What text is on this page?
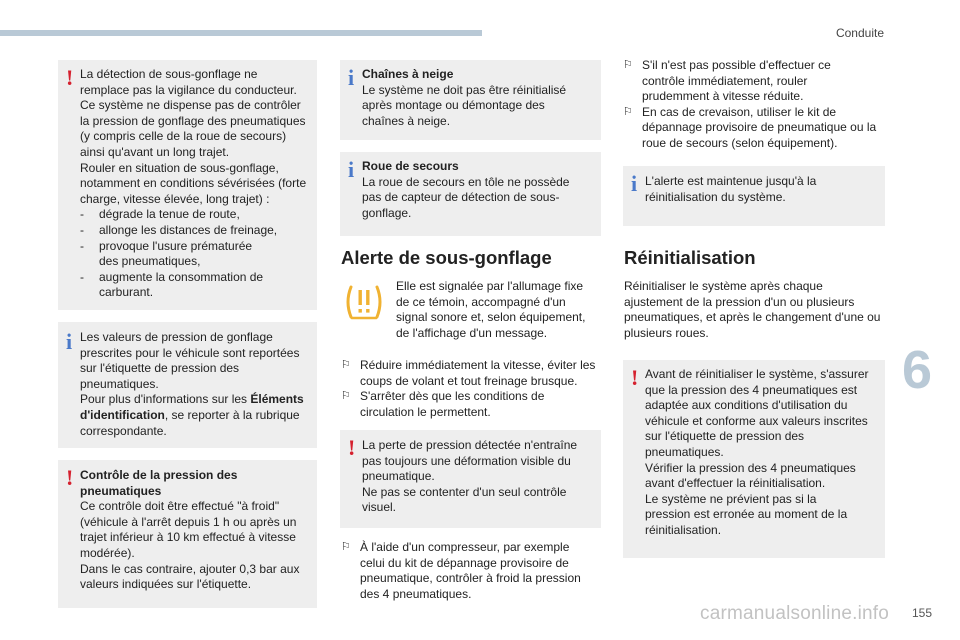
Conduite
6
! La détection de sous-gonflage ne

remplace pas la vigilance du conducteur.

Ce système ne dispense pas de contrôler

la pression de gonflage des pneumatiques

(y compris celle de la roue de secours)

ainsi qu'avant un long trajet.

Rouler en situation de sous-gonflage,

notamment en conditions sévérisées (forte

charge, vitesse élevée, long trajet) :

- dégrade la tenue de route,
- allonge les distances de freinage,
- provoque l'usure prématurée des pneumatiques,
- augmente la consommation de carburant.
i Les valeurs de pression de gonflage prescrites pour le véhicule sont reportées sur l'étiquette de pression des pneumatiques.

Pour plus d'informations sur les Éléments d'identification, se reporter à la rubrique correspondante.

! Contrôle de la pression des pneumatiques

Ce contrôle doit être effectué "à froid" (véhicule à l'arrêt depuis 1 h ou après un trajet inférieur à 10 km effectué à vitesse modérée).

Dans le cas contraire, ajouter 0,3 bar aux valeurs indiquées sur l'étiquette.

i Chaînes à neige

Le système ne doit pas être réinitialisé après montage ou démontage des chaînes à neige.

i Roue de secours

La roue de secours en tôle ne possède pas de capteur de détection de sous-gonflage.

Alerte de sous-gonflage
Elle est signalée par l'allumage fixe de ce témoin, accompagné d'un signal sonore et, selon équipement, de l'affichage d'un message.
⚐ Réduire immédiatement la vitesse, éviter les coups de volant et tout freinage brusque.
⚐ S'arrêter dès que les conditions de circulation le permettent.
! La perte de pression détectée n'entraîne pas toujours une déformation visible du pneumatique.

Ne pas se contenter d'un seul contrôle visuel.

⚐ À l'aide d'un compresseur, par exemple celui du kit de dépannage provisoire de pneumatique, contrôler à froid la pression des 4 pneumatiques.
⚐ S'il n'est pas possible d'effectuer ce contrôle immédiatement, rouler prudemment à vitesse réduite.
⚐ En cas de crevaison, utiliser le kit de dépannage provisoire de pneumatique ou la roue de secours (selon équipement).
i L'alerte est maintenue jusqu'à la réinitialisation du système.

Réinitialisation
Réinitialiser le système après chaque ajustement de la pression d'un ou plusieurs pneumatiques, et après le changement d'une ou plusieurs roues.
! Avant de réinitialiser le système, s'assurer que la pression des 4 pneumatiques est adaptée aux conditions d'utilisation du véhicule et conforme aux valeurs inscrites sur l'étiquette de pression des pneumatiques.

Vérifier la pression des 4 pneumatiques avant d'effectuer la réinitialisation.

Le système ne prévient pas si la pression est erronée au moment de la réinitialisation.

carmanualsonline.info 155
